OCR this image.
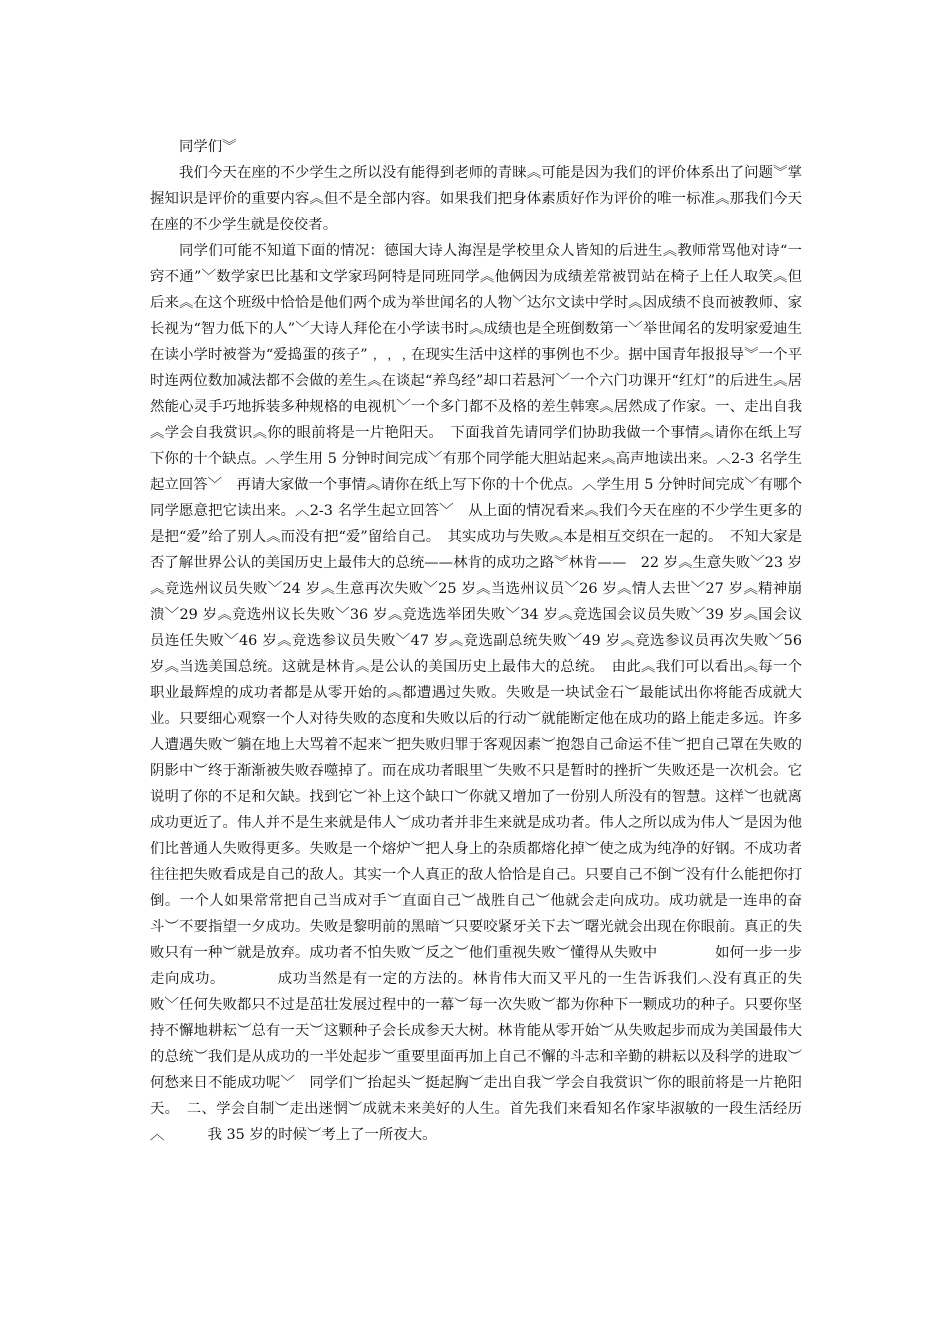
同学们︾

我们今天在座的不少学生之所以没有能得到老师的青睐︽可能是因为我们的评价体系出了问题︾掌握知识是评价的重要内容︽但不是全部内容。如果我们把身体素质好作为评价的唯一标准︽那我们今天在座的不少学生就是佼佼者。

同学们可能不知道下面的情况：德国大诗人海涅是学校里众人皆知的后进生︽教师常骂他对诗“一窍不通”﹀数学家巴比基和文学家玛阿特是同班同学︽他俩因为成绩差常被罚站在椅子上任人取笑︽但后来︽在这个班级中恰恰是他们两个成为举世闻名的人物﹀达尔文读中学时︽因成绩不良而被教师、家长视为“智力低下的人”﹀大诗人拜伦在小学读书时︽成绩也是全班倒数第一﹀举世闻名的发明家爱迪生在读小学时被誉为“爱捣蛋的孩子”﹐﹐﹐在现实生活中这样的事例也不少。据中国青年报报导︾一个平时连两位数加减法都不会做的差生︽在谈起“养鸟经”却口若悬河﹀一个六门功课开“红灯”的后进生︽居然能心灵手巧地拆装多种规格的电视机﹀一个多门都不及格的差生韩寒︽居然成了作家。一、走出自我︽学会自我赏识︽你的眼前将是一片艳阳天。　下面我首先请同学们协助我做一个事情︽请你在纸上写下你的十个缺点。︿学生用 5 分钟时间完成﹀有那个同学能大胆站起来︽高声地读出来。︿2-3 名学生起立回答﹀　再请大家做一个事情︽请你在纸上写下你的十个优点。︿学生用 5 分钟时间完成﹀有哪个同学愿意把它读出来。︿2-3 名学生起立回答﹀　从上面的情况看来︽我们今天在座的不少学生更多的是把“爱”给了别人︽而没有把“爱”留给自己。　其实成功与失败︽本是相互交织在一起的。　不知大家是否了解世界公认的美国历史上最伟大的总统——林肯的成功之路︾林肯——　22 岁︽生意失败﹀23 岁︽竞选州议员失败﹀24 岁︽生意再次失败﹀25 岁︽当选州议员﹀26 岁︽情人去世﹀27 岁︽精神崩溃﹀29 岁︽竞选州议长失败﹀36 岁︽竞选选举团失败﹀34 岁︽竞选国会议员失败﹀39 岁︽国会议员连任失败﹀46 岁︽竞选参议员失败﹀47 岁︽竞选副总统失败﹀49 岁︽竞选参议员再次失败﹀56 岁︽当选美国总统。这就是林肯︽是公认的美国历史上最伟大的总统。　由此︽我们可以看出︽每一个职业最辉煌的成功者都是从零开始的︽都遭遇过失败。失败是一块试金石︶最能试出你将能否成就大业。只要细心观察一个人对待失败的态度和失败以后的行动︶就能断定他在成功的路上能走多远。许多人遭遇失败︶躺在地上大骂着不起来︶把失败归罪于客观因素︶抱怨自己命运不佳︶把自己罩在失败的阴影中︶终于渐渐被失败吞噬掉了。而在成功者眼里︶失败不只是暂时的挫折︶失败还是一次机会。它说明了你的不足和欠缺。找到它︶补上这个缺口︶你就又增加了一份别人所没有的智慧。这样︶也就离成功更近了。伟人并不是生来就是伟人︶成功者并非生来就是成功者。伟人之所以成为伟人︶是因为他们比普通人失败得更多。失败是一个熔炉︶把人身上的杂质都熔化掉︶使之成为纯净的好钢。不成功者往往把失败看成是自己的敌人。其实一个人真正的敌人恰恰是自己。只要自己不倒︶没有什么能把你打倒。一个人如果常常把自己当成对手︶直面自己︶战胜自己︶他就会走向成功。成功就是一连串的奋斗︶不要指望一夕成功。失败是黎明前的黑暗︶只要咬紧牙关下去︶曙光就会出现在你眼前。真正的失败只有一种︶就是放弃。成功者不怕失败︶反之︶他们重视失败︶懂得从失败中　　　　如何一步一步走向成功。　　　　成功当然是有一定的方法的。林肯伟大而又平凡的一生告诉我们︿没有真正的失败﹀任何失败都只不过是茁壮发展过程中的一幕︶每一次失败︶都为你种下一颗成功的种子。只要你坚持不懈地耕耘︶总有一天︶这颗种子会长成参天大树。林肯能从零开始︶从失败起步而成为美国最伟大的总统︶我们是从成功的一半处起步︶重要里面再加上自己不懈的斗志和辛勤的耕耘以及科学的进取︶何愁来日不能成功呢﹀　同学们︶抬起头︶挺起胸︶走出自我︶学会自我赏识︶你的眼前将是一片艳阳天。　二、学会自制︶走出迷惘︶成就未来美好的人生。首先我们来看知名作家毕淑敏的一段生活经历︿　　　我 35 岁的时候︶考上了一所夜大。
